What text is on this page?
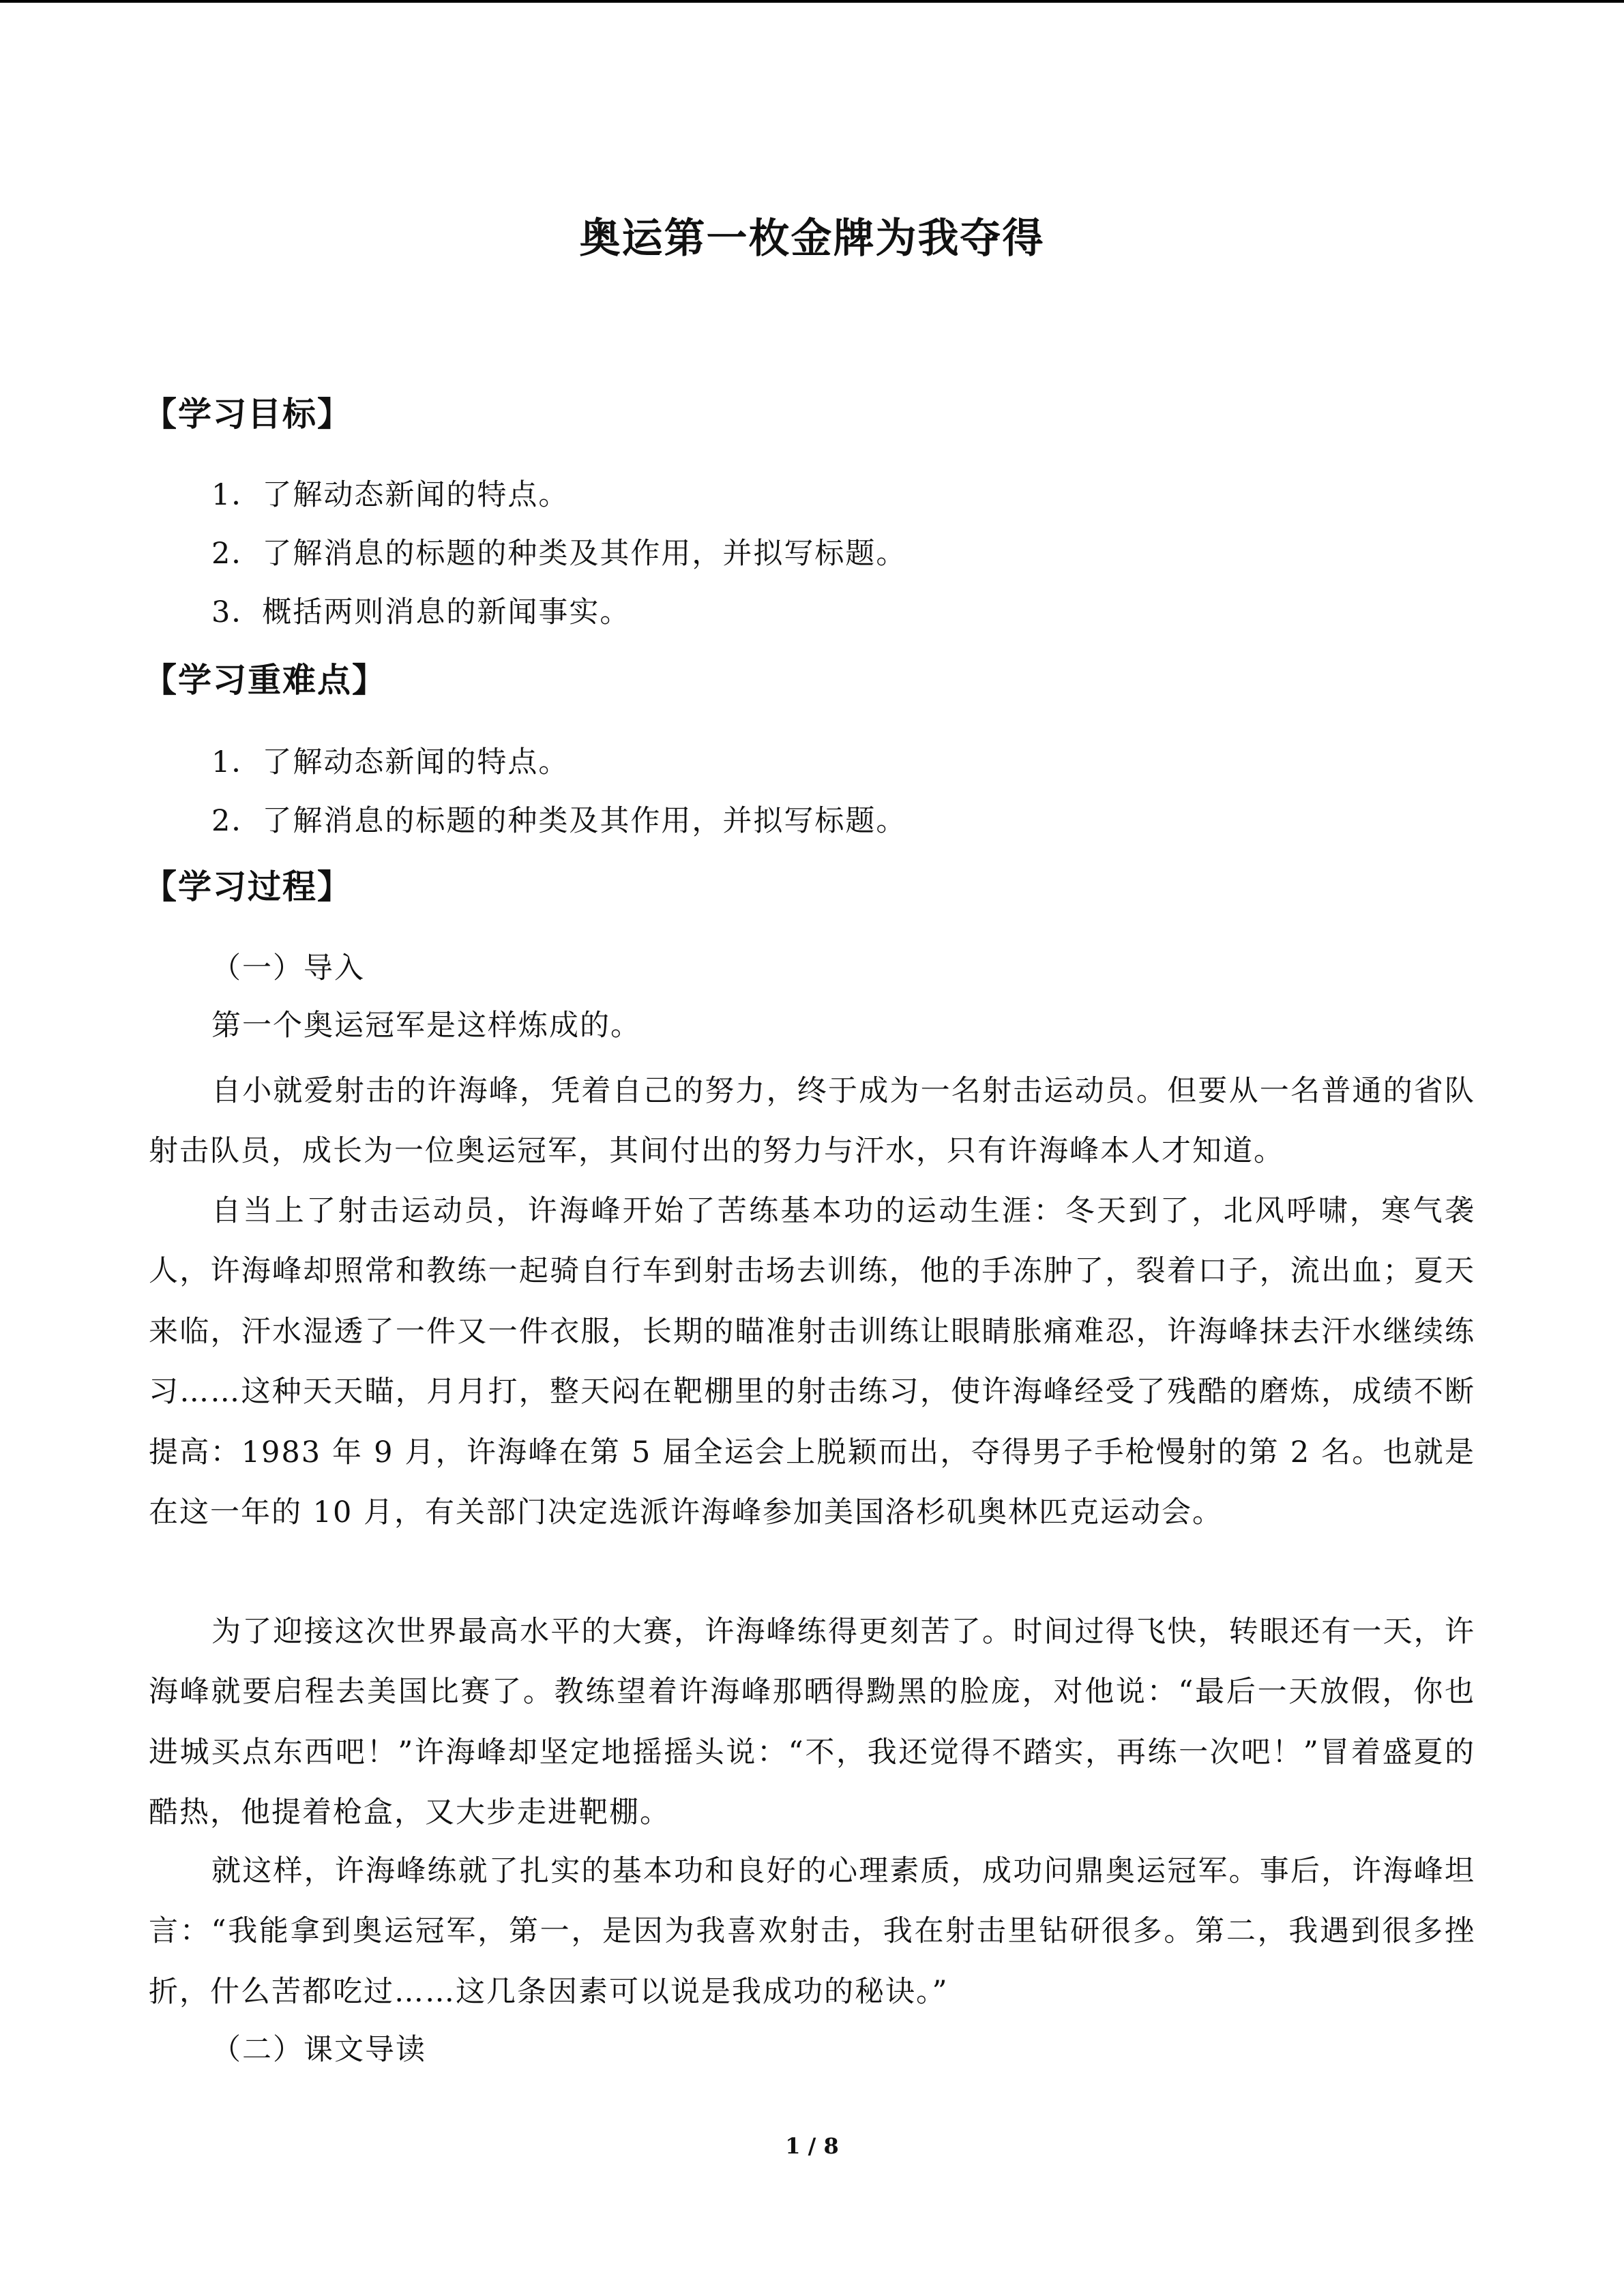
奥运第一枚金牌为我夺得
【学习目标】
1．了解动态新闻的特点。
2．了解消息的标题的种类及其作用，并拟写标题。
3．概括两则消息的新闻事实。
【学习重难点】
1．了解动态新闻的特点。
2．了解消息的标题的种类及其作用，并拟写标题。
【学习过程】
（一）导入
第一个奥运冠军是这样炼成的。
自小就爱射击的许海峰，凭着自己的努力，终于成为一名射击运动员。但要从一名普通的省队射击队员，成长为一位奥运冠军，其间付出的努力与汗水，只有许海峰本人才知道。
自当上了射击运动员，许海峰开始了苦练基本功的运动生涯：冬天到了，北风呼啸，寒气袭人，许海峰却照常和教练一起骑自行车到射击场去训练，他的手冻肿了，裂着口子，流出血；夏天来临，汗水湿透了一件又一件衣服，长期的瞄准射击训练让眼睛胀痛难忍，许海峰抹去汗水继续练习……这种天天瞄，月月打，整天闷在靶棚里的射击练习，使许海峰经受了残酷的磨炼，成绩不断提高：1983 年 9 月，许海峰在第 5 届全运会上脱颖而出，夺得男子手枪慢射的第 2 名。也就是在这一年的 10 月，有关部门决定选派许海峰参加美国洛杉矶奥林匹克运动会。
为了迎接这次世界最高水平的大赛，许海峰练得更刻苦了。时间过得飞快，转眼还有一天，许海峰就要启程去美国比赛了。教练望着许海峰那晒得黝黑的脸庞，对他说：“最后一天放假，你也进城买点东西吧！”许海峰却坚定地摇摇头说：“不，我还觉得不踏实，再练一次吧！”冒着盛夏的酷热，他提着枪盒，又大步走进靶棚。
就这样，许海峰练就了扎实的基本功和良好的心理素质，成功问鼎奥运冠军。事后，许海峰坦言：“我能拿到奥运冠军，第一，是因为我喜欢射击，我在射击里钻研很多。第二，我遇到很多挫折，什么苦都吃过……这几条因素可以说是我成功的秘诀。”
（二）课文导读
1 / 8
